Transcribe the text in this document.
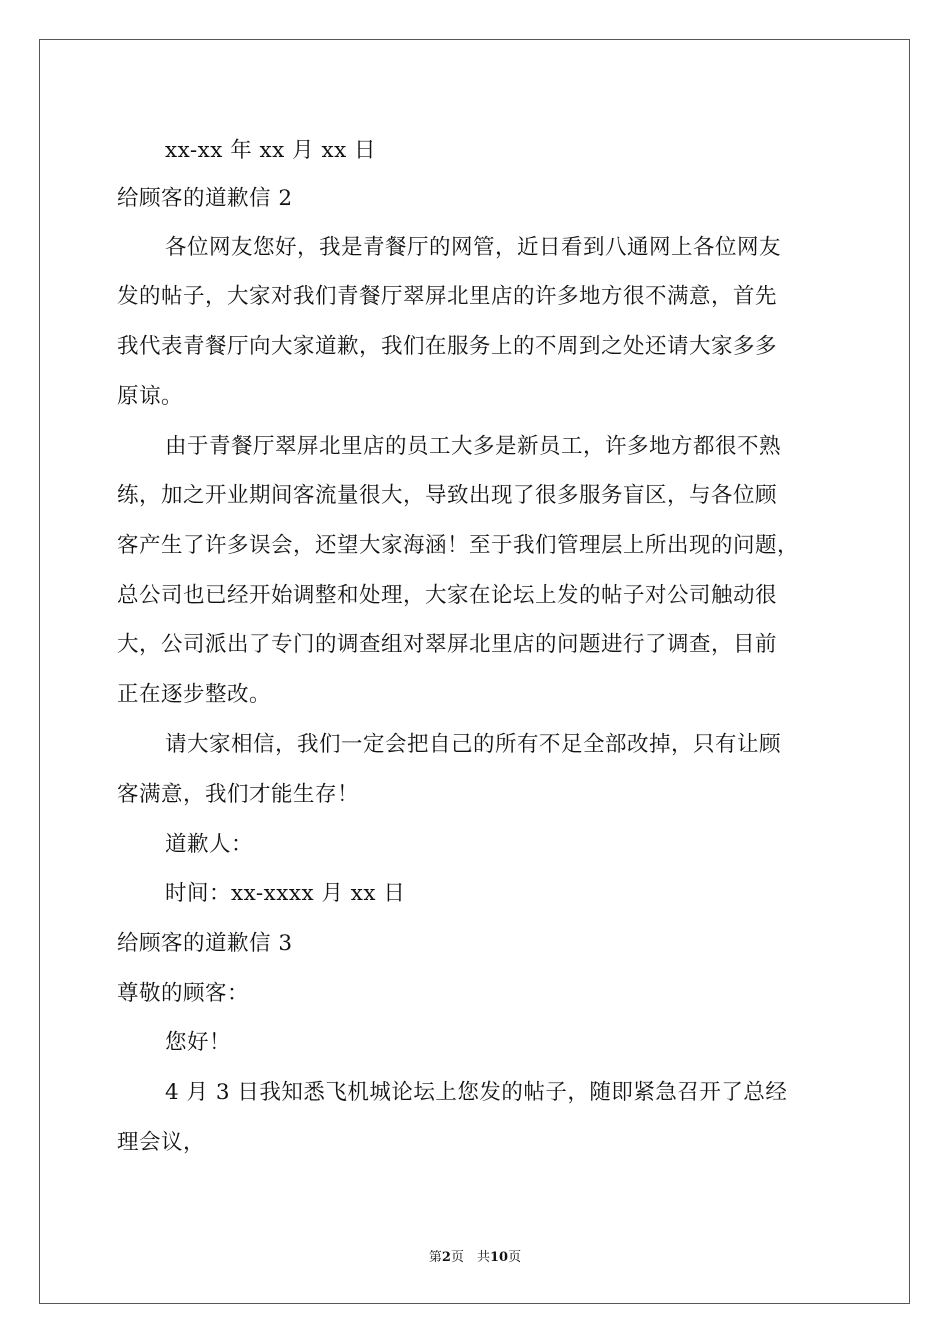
xx-xx 年 xx 月 xx 日
给顾客的道歉信 2
各位网友您好，我是青餐厅的网管，近日看到八通网上各位网友
发的帖子，大家对我们青餐厅翠屏北里店的许多地方很不满意，首先
我代表青餐厅向大家道歉，我们在服务上的不周到之处还请大家多多
原谅。
由于青餐厅翠屏北里店的员工大多是新员工，许多地方都很不熟
练，加之开业期间客流量很大，导致出现了很多服务盲区，与各位顾
客产生了许多误会，还望大家海涵！至于我们管理层上所出现的问题，
总公司也已经开始调整和处理，大家在论坛上发的帖子对公司触动很
大，公司派出了专门的调查组对翠屏北里店的问题进行了调查，目前
正在逐步整改。
请大家相信，我们一定会把自己的所有不足全部改掉，只有让顾
客满意，我们才能生存！
道歉人：
时间：xx-xxxx 月 xx 日
给顾客的道歉信 3
尊敬的顾客：
您好！
4 月 3 日我知悉飞机城论坛上您发的帖子，随即紧急召开了总经
理会议，
第2页　共10页
